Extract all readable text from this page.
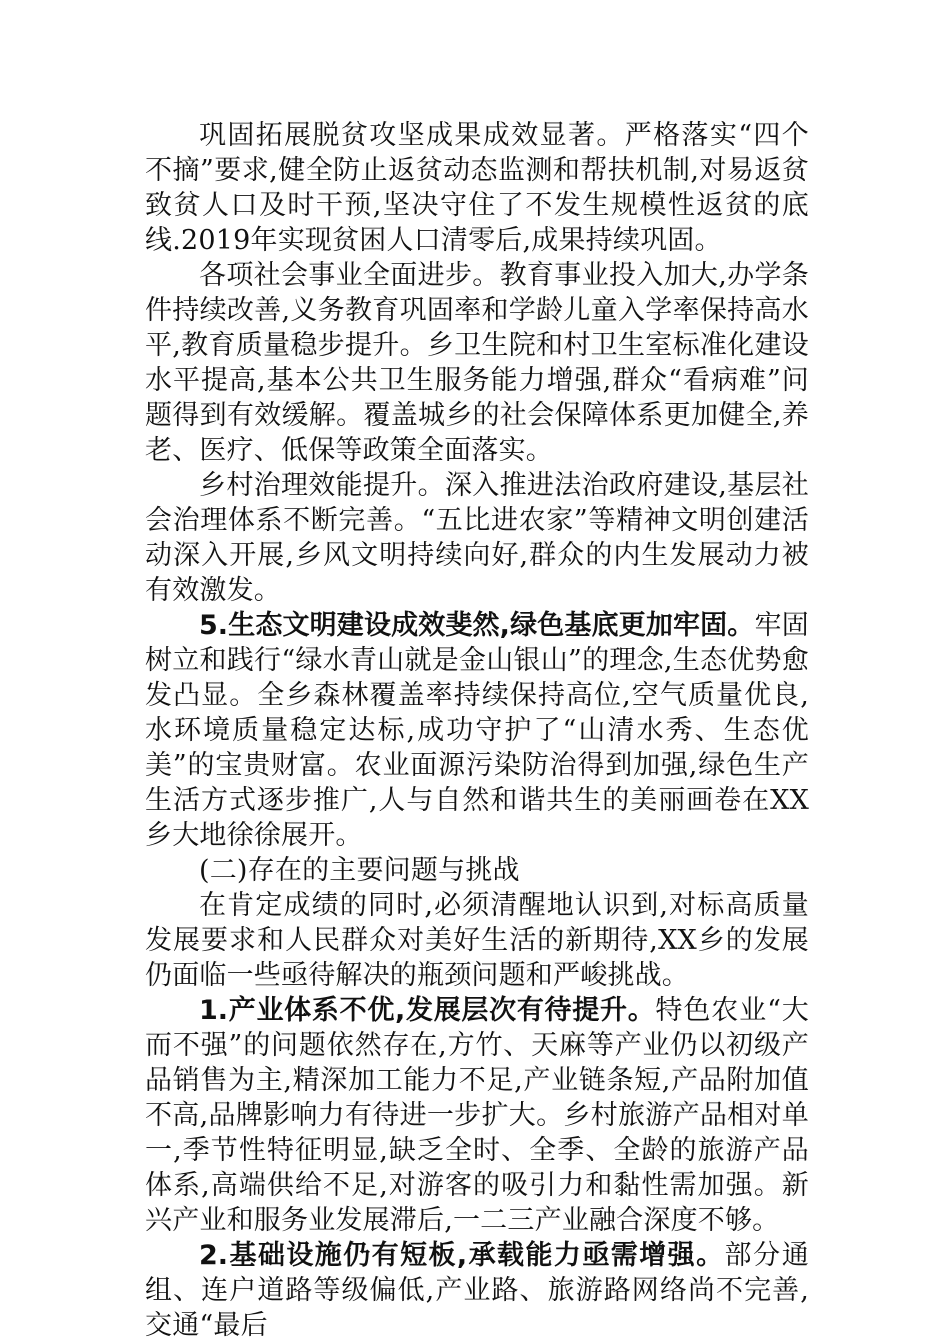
巩固拓展脱贫攻坚成果成效显著。严格落实“四个不摘”要求,健全防止返贫动态监测和帮扶机制,对易返贫致贫人口及时干预,坚决守住了不发生规模性返贫的底线.2019年实现贫困人口清零后,成果持续巩固。

各项社会事业全面进步。教育事业投入加大,办学条件持续改善,义务教育巩固率和学龄儿童入学率保持高水平,教育质量稳步提升。乡卫生院和村卫生室标准化建设水平提高,基本公共卫生服务能力增强,群众“看病难”问题得到有效缓解。覆盖城乡的社会保障体系更加健全,养老、医疗、低保等政策全面落实。

乡村治理效能提升。深入推进法治政府建设,基层社会治理体系不断完善。“五比进农家”等精神文明创建活动深入开展,乡风文明持续向好,群众的内生发展动力被有效激发。

5.生态文明建设成效斐然,绿色基底更加牢固。牢固树立和践行“绿水青山就是金山银山”的理念,生态优势愈发凸显。全乡森林覆盖率持续保持高位,空气质量优良,水环境质量稳定达标,成功守护了“山清水秀、生态优美”的宝贵财富。农业面源污染防治得到加强,绿色生产生活方式逐步推广,人与自然和谐共生的美丽画卷在XX乡大地徐徐展开。

(二)存在的主要问题与挑战

在肯定成绩的同时,必须清醒地认识到,对标高质量发展要求和人民群众对美好生活的新期待,XX乡的发展仍面临一些亟待解决的瓶颈问题和严峻挑战。

1.产业体系不优,发展层次有待提升。特色农业“大而不强”的问题依然存在,方竹、天麻等产业仍以初级产品销售为主,精深加工能力不足,产业链条短,产品附加值不高,品牌影响力有待进一步扩大。乡村旅游产品相对单一,季节性特征明显,缺乏全时、全季、全龄的旅游产品体系,高端供给不足,对游客的吸引力和黏性需加强。新兴产业和服务业发展滞后,一二三产业融合深度不够。

2.基础设施仍有短板,承载能力亟需增强。部分通组、连户道路等级偏低,产业路、旅游路网络尚不完善,交通“最后
